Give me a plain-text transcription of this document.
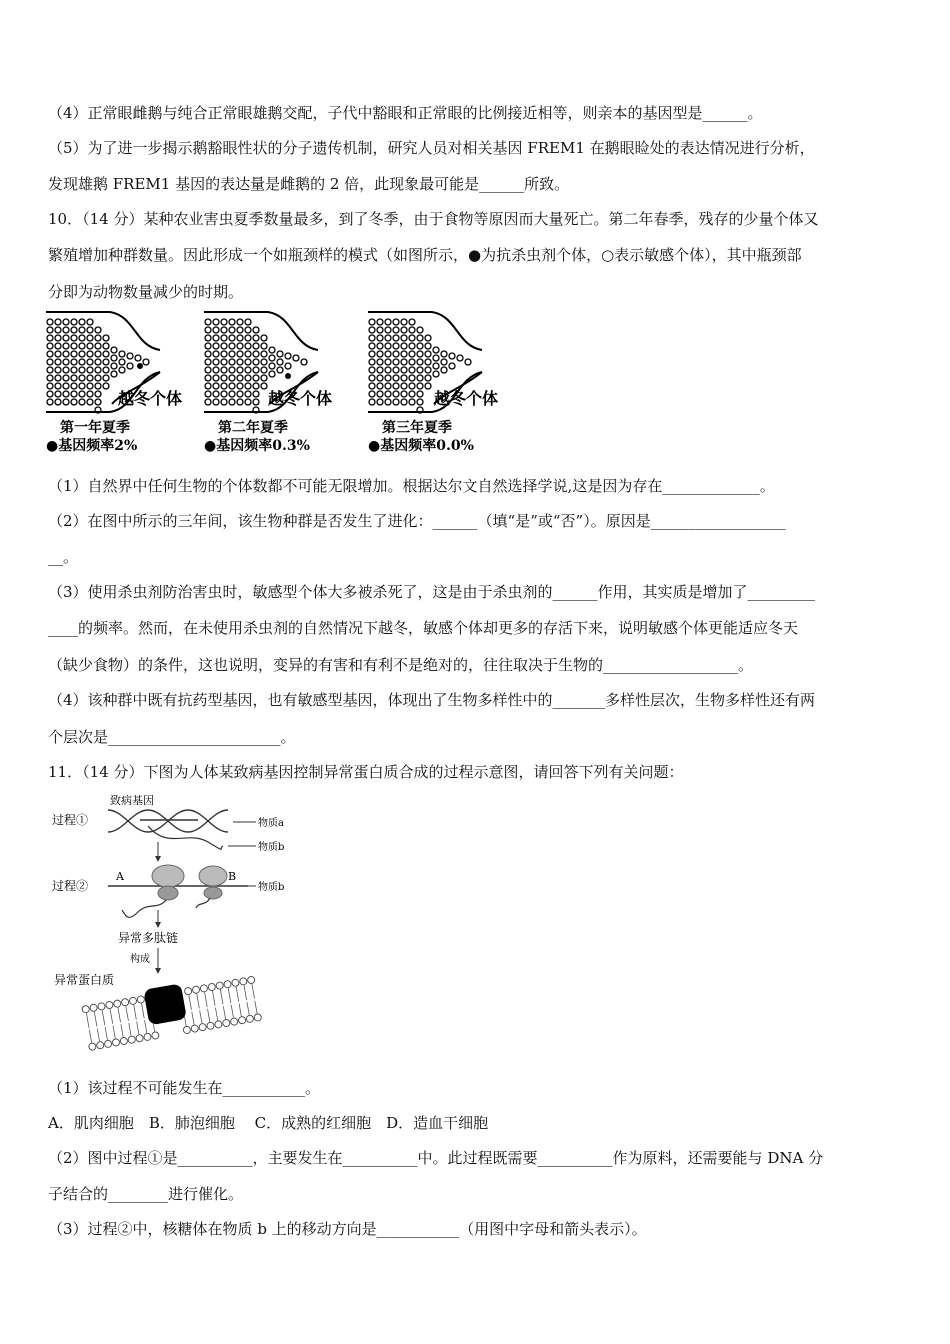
（4）正常眼雌鹅与纯合正常眼雄鹅交配，子代中豁眼和正常眼的比例接近相等，则亲本的基因型是______。
（5）为了进一步揭示鹅豁眼性状的分子遗传机制，研究人员对相关基因 FREM1 在鹅眼睑处的表达情况进行分析，
发现雄鹅 FREM1 基因的表达量是雌鹅的 2 倍，此现象最可能是______所致。
10．（14 分）某种农业害虫夏季数量最多，到了冬季，由于食物等原因而大量死亡。第二年春季，残存的少量个体又
繁殖增加种群数量。因此形成一个如瓶颈样的模式（如图所示，●为抗杀虫剂个体，○表示敏感个体），其中瓶颈部
分即为动物数量减少的时期。
越冬个体
第一年夏季
●基因频率2%
越冬个体
第二年夏季
●基因频率0.3%
越冬个体
第三年夏季
●基因频率0.0%
（1）自然界中任何生物的个体数都不可能无限增加。根据达尔文自然选择学说,这是因为存在_____________。
（2）在图中所示的三年间，该生物种群是否发生了进化：______（填“是”或“否”）。原因是__________________
__。
（3）使用杀虫剂防治害虫时，敏感型个体大多被杀死了，这是由于杀虫剂的______作用，其实质是增加了_________
____的频率。然而，在未使用杀虫剂的自然情况下越冬，敏感个体却更多的存活下来，说明敏感个体更能适应冬天
（缺少食物）的条件，这也说明，变异的有害和有利不是绝对的，往往取决于生物的__________________。
（4）该种群中既有抗药型基因，也有敏感型基因，体现出了生物多样性中的_______多样性层次，生物多样性还有两
个层次是_______________________。
11．（14 分）下图为人体某致病基因控制异常蛋白质合成的过程示意图，请回答下列有关问题：
致病基因
过程①	物质a
物质b
过程②
A	B
物质b
异常多肽链
构成
异常蛋白质
（1）该过程不可能发生在___________。
A．肌肉细胞　B．肺泡细胞　 C．成熟的红细胞　D．造血干细胞
（2）图中过程①是__________，主要发生在__________中。此过程既需要__________作为原料，还需要能与 DNA 分
子结合的________进行催化。
（3）过程②中，核糖体在物质 b 上的移动方向是___________（用图中字母和箭头表示）。
